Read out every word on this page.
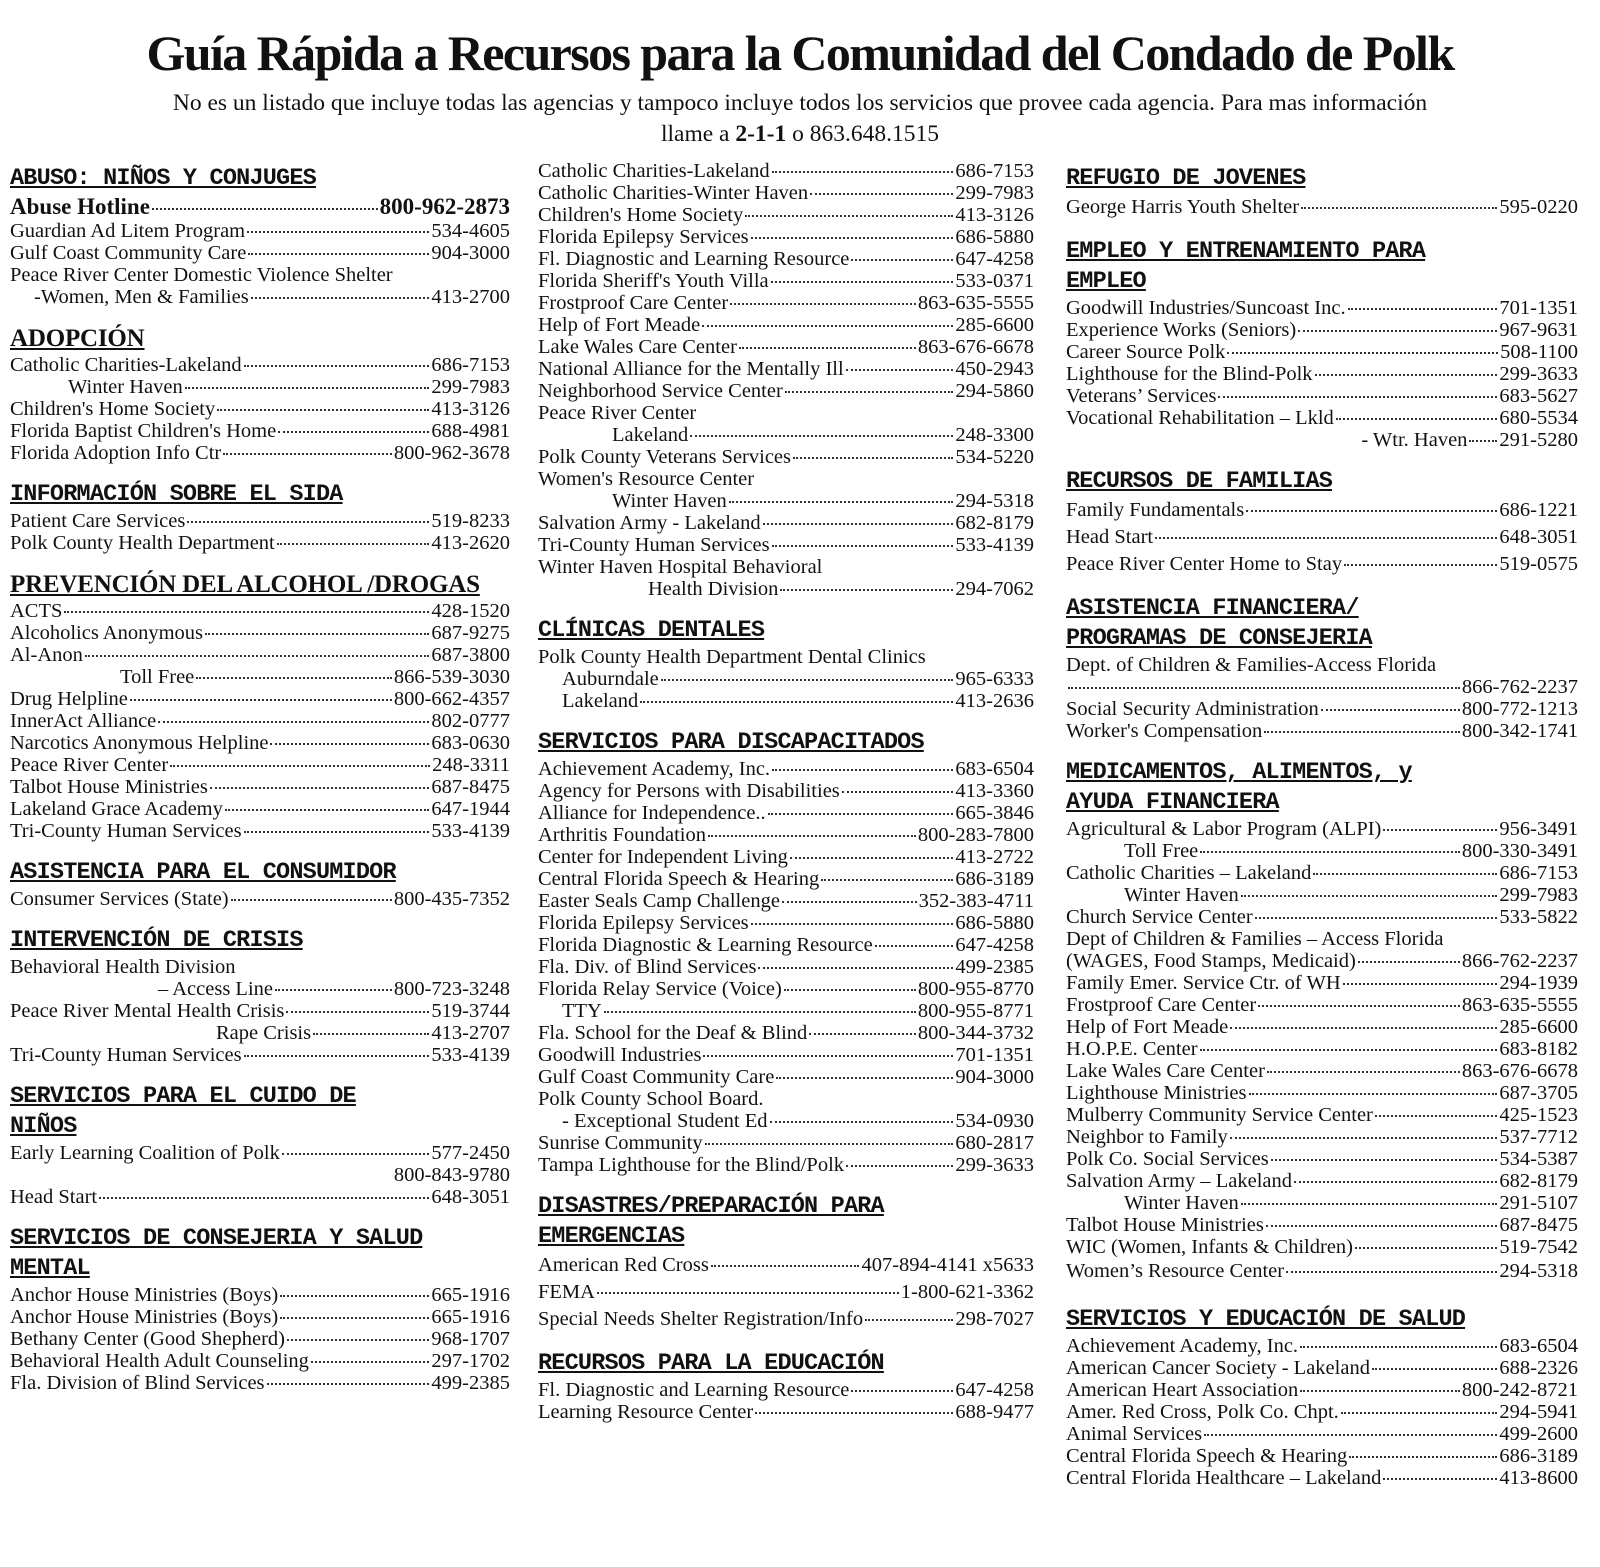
Guía Rápida a Recursos para la Comunidad del Condado de Polk
No es un listado que incluye todas las agencias y tampoco incluye todos los servicios que provee cada agencia. Para mas información
llame a 2-1-1 o 863.648.1515
ABUSO: NIÑOS Y CONJUGES
Abuse Hotline	800-962-2873
Guardian Ad Litem Program	534-4605
Gulf Coast Community Care	904-3000
Peace River Center Domestic Violence Shelter
-Women, Men & Families	413-2700
ADOPCIÓN
Catholic Charities-Lakeland	686-7153
Winter Haven	299-7983
Children's Home Society	413-3126
Florida Baptist Children's Home	688-4981
Florida Adoption Info Ctr	800-962-3678
INFORMACIÓN SOBRE EL SIDA
Patient Care Services	519-8233
Polk County Health Department	413-2620
PREVENCIÓN DEL ALCOHOL /DROGAS
ACTS	428-1520
Alcoholics Anonymous	687-9275
Al-Anon	687-3800
Toll Free	866-539-3030
Drug Helpline	800-662-4357
InnerAct Alliance	802-0777
Narcotics Anonymous Helpline	683-0630
Peace River Center	248-3311
Talbot House Ministries	687-8475
Lakeland Grace Academy	647-1944
Tri-County Human Services	533-4139
ASISTENCIA PARA EL CONSUMIDOR
Consumer Services (State)	800-435-7352
INTERVENCIÓN DE CRISIS
Behavioral Health Division
– Access Line	800-723-3248
Peace River Mental Health Crisis	519-3744
Rape Crisis	413-2707
Tri-County Human Services	533-4139
SERVICIOS PARA EL CUIDO DE
NIÑOS
Early Learning Coalition of Polk	577-2450
800-843-9780
Head Start	648-3051
SERVICIOS DE CONSEJERIA Y SALUD
MENTAL
Anchor House Ministries (Boys)	665-1916
Anchor House Ministries (Boys)	665-1916
Bethany Center (Good Shepherd)	968-1707
Behavioral Health Adult Counseling	297-1702
Fla. Division of Blind Services	499-2385
Catholic Charities-Lakeland	686-7153
Catholic Charities-Winter Haven	299-7983
Children's Home Society	413-3126
Florida Epilepsy Services	686-5880
Fl. Diagnostic and Learning Resource	647-4258
Florida Sheriff's Youth Villa	533-0371
Frostproof Care Center	863-635-5555
Help of Fort Meade	285-6600
Lake Wales Care Center	863-676-6678
National Alliance for the Mentally Ill	450-2943
Neighborhood Service Center	294-5860
Peace River Center
Lakeland	248-3300
Polk County Veterans Services	534-5220
Women's Resource Center
Winter Haven	294-5318
Salvation Army - Lakeland	682-8179
Tri-County Human Services	533-4139
Winter Haven Hospital Behavioral
Health Division	294-7062
CLÍNICAS DENTALES
Polk County Health Department Dental Clinics
Auburndale	965-6333
Lakeland	413-2636
SERVICIOS PARA DISCAPACITADOS
Achievement Academy, Inc.	683-6504
Agency for Persons with Disabilities	413-3360
Alliance for Independence..	665-3846
Arthritis Foundation	800-283-7800
Center for Independent Living	413-2722
Central Florida Speech & Hearing	686-3189
Easter Seals Camp Challenge	352-383-4711
Florida Epilepsy Services	686-5880
Florida Diagnostic & Learning Resource	647-4258
Fla. Div. of Blind Services	499-2385
Florida Relay Service (Voice)	800-955-8770
TTY	800-955-8771
Fla. School for the Deaf & Blind	800-344-3732
Goodwill Industries	701-1351
Gulf Coast Community Care	904-3000
Polk County School Board.
- Exceptional Student Ed	534-0930
Sunrise Community	680-2817
Tampa Lighthouse for the Blind/Polk	299-3633
DISASTRES/PREPARACIÓN PARA
EMERGENCIAS
American Red Cross	407-894-4141 x5633
FEMA	1-800-621-3362
Special Needs Shelter Registration/Info	298-7027
RECURSOS PARA LA EDUCACIÓN
Fl. Diagnostic and Learning Resource	647-4258
Learning Resource Center	688-9477
REFUGIO DE JOVENES
George Harris Youth Shelter	595-0220
EMPLEO Y ENTRENAMIENTO PARA
EMPLEO
Goodwill Industries/Suncoast Inc.	701-1351
Experience Works (Seniors)	967-9631
Career Source Polk	508-1100
Lighthouse for the Blind-Polk	299-3633
Veterans’ Services	683-5627
Vocational Rehabilitation – Lkld	680-5534
- Wtr. Haven 291-5280
RECURSOS DE FAMILIAS
Family Fundamentals	686-1221
Head Start	648-3051
Peace River Center Home to Stay	519-0575
ASISTENCIA FINANCIERA/
PROGRAMAS DE CONSEJERIA
Dept. of Children & Families-Access Florida
866-762-2237
Social Security Administration	800-772-1213
Worker's Compensation	800-342-1741
MEDICAMENTOS, ALIMENTOS, y
AYUDA FINANCIERA
Agricultural & Labor Program (ALPI)	956-3491
Toll Free	800-330-3491
Catholic Charities – Lakeland	686-7153
Winter Haven	299-7983
Church Service Center	533-5822
Dept of Children & Families – Access Florida
(WAGES, Food Stamps, Medicaid)	866-762-2237
Family Emer. Service Ctr. of WH	294-1939
Frostproof Care Center	863-635-5555
Help of Fort Meade	285-6600
H.O.P.E. Center	683-8182
Lake Wales Care Center	863-676-6678
Lighthouse Ministries	687-3705
Mulberry Community Service Center	425-1523
Neighbor to Family	537-7712
Polk Co. Social Services	534-5387
Salvation Army – Lakeland	682-8179
Winter Haven	291-5107
Talbot House Ministries	687-8475
WIC (Women, Infants & Children)	519-7542
Women’s Resource Center	294-5318
SERVICIOS Y EDUCACIÓN DE SALUD
Achievement Academy, Inc.	683-6504
American Cancer Society - Lakeland	688-2326
American Heart Association	800-242-8721
Amer. Red Cross, Polk Co. Chpt.	294-5941
Animal Services	499-2600
Central Florida Speech & Hearing	686-3189
Central Florida Healthcare – Lakeland	413-8600
